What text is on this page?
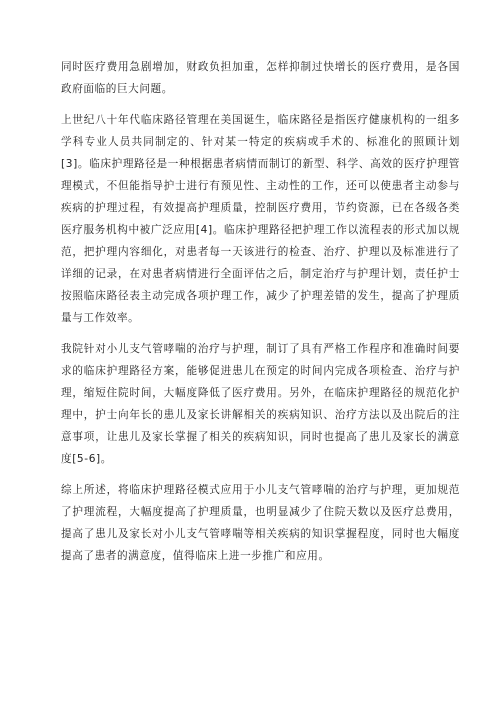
同时医疗费用急剧增加，财政负担加重，怎样抑制过快增长的医疗费用，是各国政府面临的巨大问题。

上世纪八十年代临床路径管理在美国诞生，临床路径是指医疗健康机构的一组多学科专业人员共同制定的、针对某一特定的疾病或手术的、标准化的照顾计划[3]。临床护理路径是一种根据患者病情而制订的新型、科学、高效的医疗护理管理模式，不但能指导护士进行有预见性、主动性的工作，还可以使患者主动参与疾病的护理过程，有效提高护理质量，控制医疗费用，节约资源，已在各级各类医疗服务机构中被广泛应用[4]。临床护理路径把护理工作以流程表的形式加以规范，把护理内容细化，对患者每一天该进行的检查、治疗、护理以及标准进行了详细的记录，在对患者病情进行全面评估之后，制定治疗与护理计划，责任护士按照临床路径表主动完成各项护理工作，减少了护理差错的发生，提高了护理质量与工作效率。

我院针对小儿支气管哮喘的治疗与护理，制订了具有严格工作程序和准确时间要求的临床护理路径方案，能够促进患儿在预定的时间内完成各项检查、治疗与护理，缩短住院时间，大幅度降低了医疗费用。另外，在临床护理路径的规范化护理中，护士向年长的患儿及家长讲解相关的疾病知识、治疗方法以及出院后的注意事项，让患儿及家长掌握了相关的疾病知识，同时也提高了患儿及家长的满意度[5-6]。

综上所述，将临床护理路径模式应用于小儿支气管哮喘的治疗与护理，更加规范了护理流程，大幅度提高了护理质量，也明显减少了住院天数以及医疗总费用，提高了患儿及家长对小儿支气管哮喘等相关疾病的知识掌握程度，同时也大幅度提高了患者的满意度，值得临床上进一步推广和应用。
